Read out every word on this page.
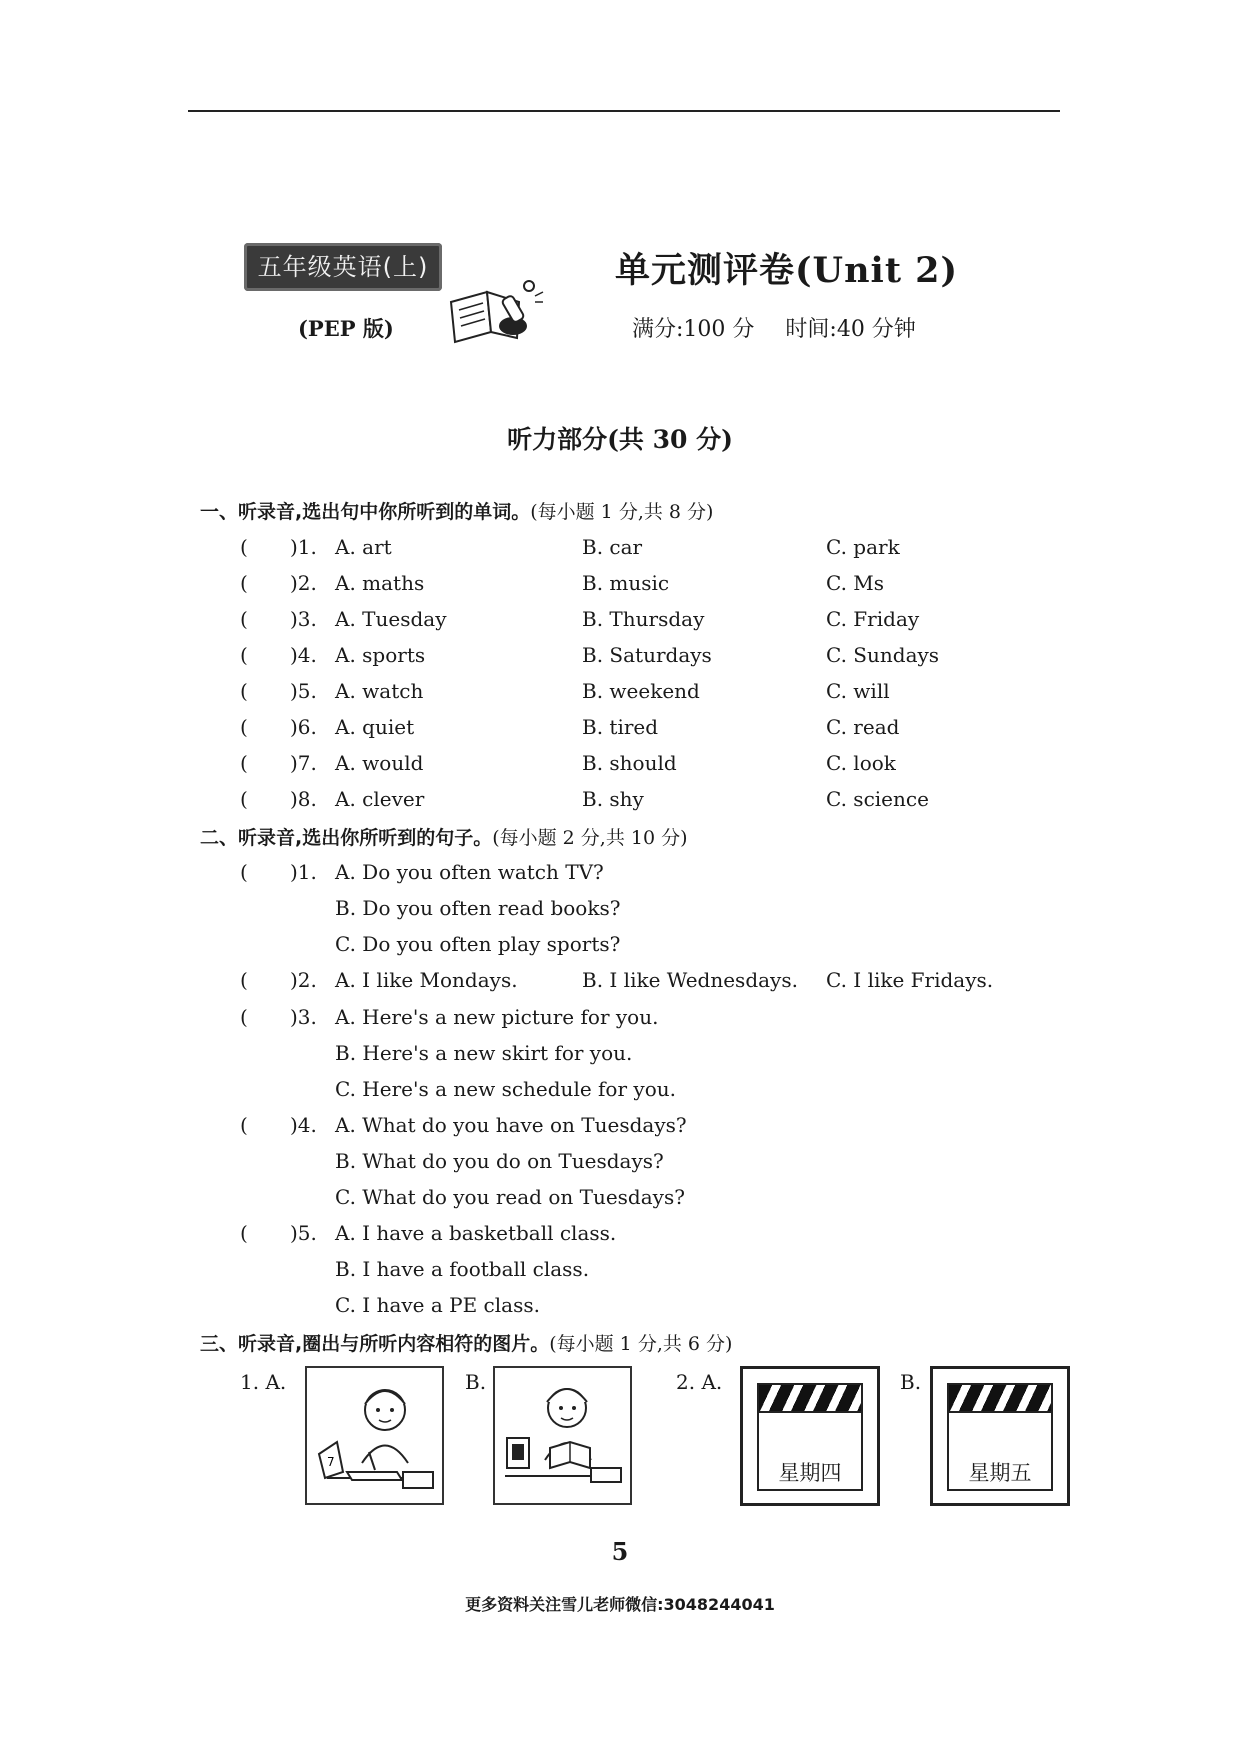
五年级英语(上)
(PEP 版)
单元测评卷(Unit 2)
满分:100 分 时间:40 分钟
听力部分(共 30 分)
一、听录音,选出句中你所听到的单词。(每小题 1 分,共 8 分)
( )1. A. art	B. car	C. park
( )2. A. maths	B. music	C. Ms
( )3. A. Tuesday	B. Thursday	C. Friday
( )4. A. sports	B. Saturdays	C. Sundays
( )5. A. watch	B. weekend	C. will
( )6. A. quiet	B. tired	C. read
( )7. A. would	B. should	C. look
( )8. A. clever	B. shy	C. science
二、听录音,选出你所听到的句子。(每小题 2 分,共 10 分)
( )1. A. Do you often watch TV?
B. Do you often read books?
C. Do you often play sports?
( )2. A. I like Mondays.	B. I like Wednesdays. C. I like Fridays.
( )3. A. Here's a new picture for you.
B. Here's a new skirt for you.
C. Here's a new schedule for you.
( )4. A. What do you have on Tuesdays?
B. What do you do on Tuesdays?
C. What do you read on Tuesdays?
( )5. A. I have a basketball class.
B. I have a football class.
C. I have a PE class.
三、听录音,圈出与所听内容相符的图片。(每小题 1 分,共 6 分)
1. A.
7
B.	2. A.
星期四
B.
星期五
5
更多资料关注雪儿老师微信:3048244041
